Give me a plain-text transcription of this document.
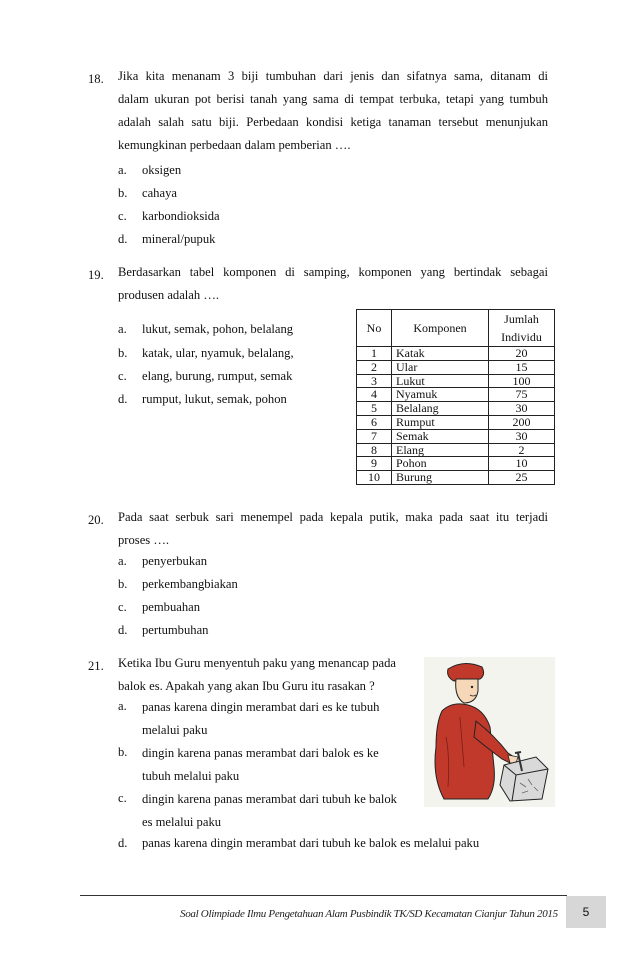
18. Jika kita menanam 3 biji tumbuhan dari jenis dan sifatnya sama, ditanam di
dalam ukuran pot berisi tanah yang sama di tempat terbuka, tetapi yang tumbuh
adalah salah satu biji. Perbedaan kondisi ketiga tanaman tersebut menunjukan
kemungkinan perbedaan dalam pemberian ….
a. oksigen
b. cahaya
c. karbondioksida
d. mineral/pupuk
19. Berdasarkan tabel komponen di samping, komponen yang bertindak sebagai
produsen adalah ….
a. lukut, semak, pohon, belalang
b. katak, ular, nyamuk, belalang,
c. elang, burung, rumput, semak
d. rumput, lukut, semak, pohon
No	Komponen	Jumlah
Individu

1	Katak	20
2	Ular	15
3	Lukut	100
4	Nyamuk	75
5	Belalang	30
6	Rumput	200
7	Semak	30
8	Elang	2
9	Pohon	10
10	Burung	25
20. Pada saat serbuk sari menempel pada kepala putik, maka pada saat itu terjadi
proses ….
a. penyerbukan
b. perkembangbiakan
c. pembuahan
d. pertumbuhan
21. Ketika Ibu Guru menyentuh paku yang menancap pada
balok es. Apakah yang akan Ibu Guru itu rasakan ?
a. panas karena dingin merambat dari es ke tubuh
melalui paku
b. dingin karena panas merambat dari balok es ke
tubuh melalui paku
c. dingin karena panas merambat dari tubuh ke balok
es melalui paku
d. panas karena dingin merambat dari tubuh ke balok es melalui paku
Soal Olimpiade Ilmu Pengetahuan Alam Pusbindik TK/SD Kecamatan Cianjur Tahun 2015	5
